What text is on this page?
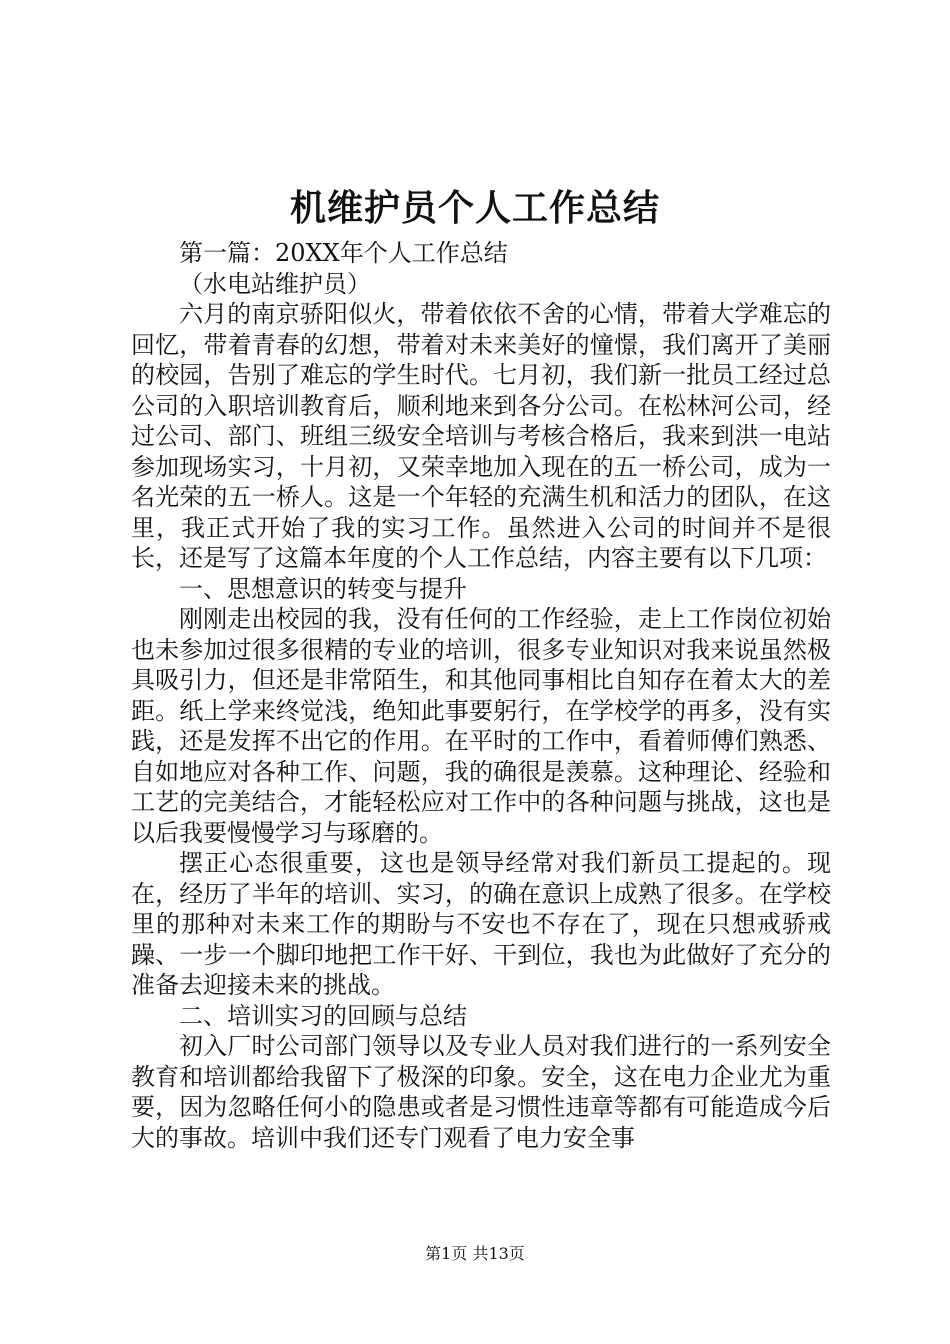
机维护员个人工作总结

第一篇：20XX年个人工作总结

（水电站维护员）

六月的南京骄阳似火，带着依依不舍的心情，带着大学难忘的回忆，带着青春的幻想，带着对未来美好的憧憬，我们离开了美丽的校园，告别了难忘的学生时代。七月初，我们新一批员工经过总公司的入职培训教育后，顺利地来到各分公司。在松林河公司，经过公司、部门、班组三级安全培训与考核合格后，我来到洪一电站参加现场实习，十月初，又荣幸地加入现在的五一桥公司，成为一名光荣的五一桥人。这是一个年轻的充满生机和活力的团队，在这里，我正式开始了我的实习工作。虽然进入公司的时间并不是很长，还是写了这篇本年度的个人工作总结，内容主要有以下几项：

一、思想意识的转变与提升

刚刚走出校园的我，没有任何的工作经验，走上工作岗位初始也未参加过很多很精的专业的培训，很多专业知识对我来说虽然极具吸引力，但还是非常陌生，和其他同事相比自知存在着太大的差距。纸上学来终觉浅，绝知此事要躬行，在学校学的再多，没有实践，还是发挥不出它的作用。在平时的工作中，看着师傅们熟悉、自如地应对各种工作、问题，我的确很是羡慕。这种理论、经验和工艺的完美结合，才能轻松应对工作中的各种问题与挑战，这也是以后我要慢慢学习与琢磨的。

摆正心态很重要，这也是领导经常对我们新员工提起的。现在，经历了半年的培训、实习，的确在意识上成熟了很多。在学校里的那种对未来工作的期盼与不安也不存在了，现在只想戒骄戒躁、一步一个脚印地把工作干好、干到位，我也为此做好了充分的准备去迎接未来的挑战。

二、培训实习的回顾与总结

初入厂时公司部门领导以及专业人员对我们进行的一系列安全教育和培训都给我留下了极深的印象。安全，这在电力企业尤为重要，因为忽略任何小的隐患或者是习惯性违章等都有可能造成今后大的事故。培训中我们还专门观看了电力安全事

第1页 共13页
